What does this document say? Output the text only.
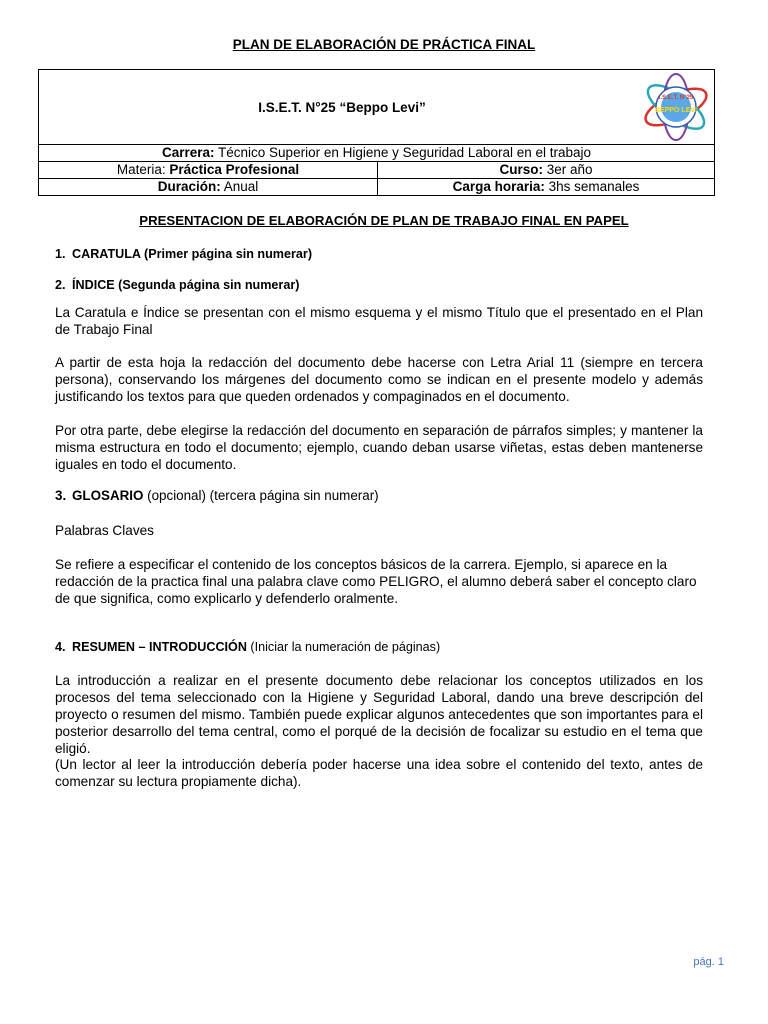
PLAN DE ELABORACIÓN DE PRÁCTICA FINAL
I.S.E.T. N°25 “Beppo Levi”
I.S.E.T. N°25
BEPPO LEVI	

Carrera: Técnico Superior en Higiene y Seguridad Laboral en el trabajo	
Materia: Práctica Profesional	Curso: 3er año
Duración: Anual	Carga horaria: 3hs semanales
PRESENTACION DE ELABORACIÓN DE PLAN DE TRABAJO FINAL EN PAPEL
1. CARATULA (Primer página sin numerar)
2. ÍNDICE (Segunda página sin numerar)
La Caratula e Índice se presentan con el mismo esquema y el mismo Título que el presentado en el Plan de Trabajo Final
A partir de esta hoja la redacción del documento debe hacerse con Letra Arial 11 (siempre en tercera persona), conservando los márgenes del documento como se indican en el presente modelo y además justificando los textos para que queden ordenados y compaginados en el documento.
Por otra parte, debe elegirse la redacción del documento en separación de párrafos simples; y mantener la misma estructura en todo el documento; ejemplo, cuando deban usarse viñetas, estas deben mantenerse iguales en todo el documento.
3. GLOSARIO (opcional) (tercera página sin numerar)
Palabras Claves
Se refiere a especificar el contenido de los conceptos básicos de la carrera. Ejemplo, si aparece en la redacción de la practica final una palabra clave como PELIGRO, el alumno deberá saber el concepto claro de que significa, como explicarlo y defenderlo oralmente.
4. RESUMEN – INTRODUCCIÓN (Iniciar la numeración de páginas)
La introducción a realizar en el presente documento debe relacionar los conceptos utilizados en los procesos del tema seleccionado con la Higiene y Seguridad Laboral, dando una breve descripción del proyecto o resumen del mismo. También puede explicar algunos antecedentes que son importantes para el posterior desarrollo del tema central, como el porqué de la decisión de focalizar su estudio en el tema que eligió.
(Un lector al leer la introducción debería poder hacerse una idea sobre el contenido del texto, antes de comenzar su lectura propiamente dicha).
pág. 1
